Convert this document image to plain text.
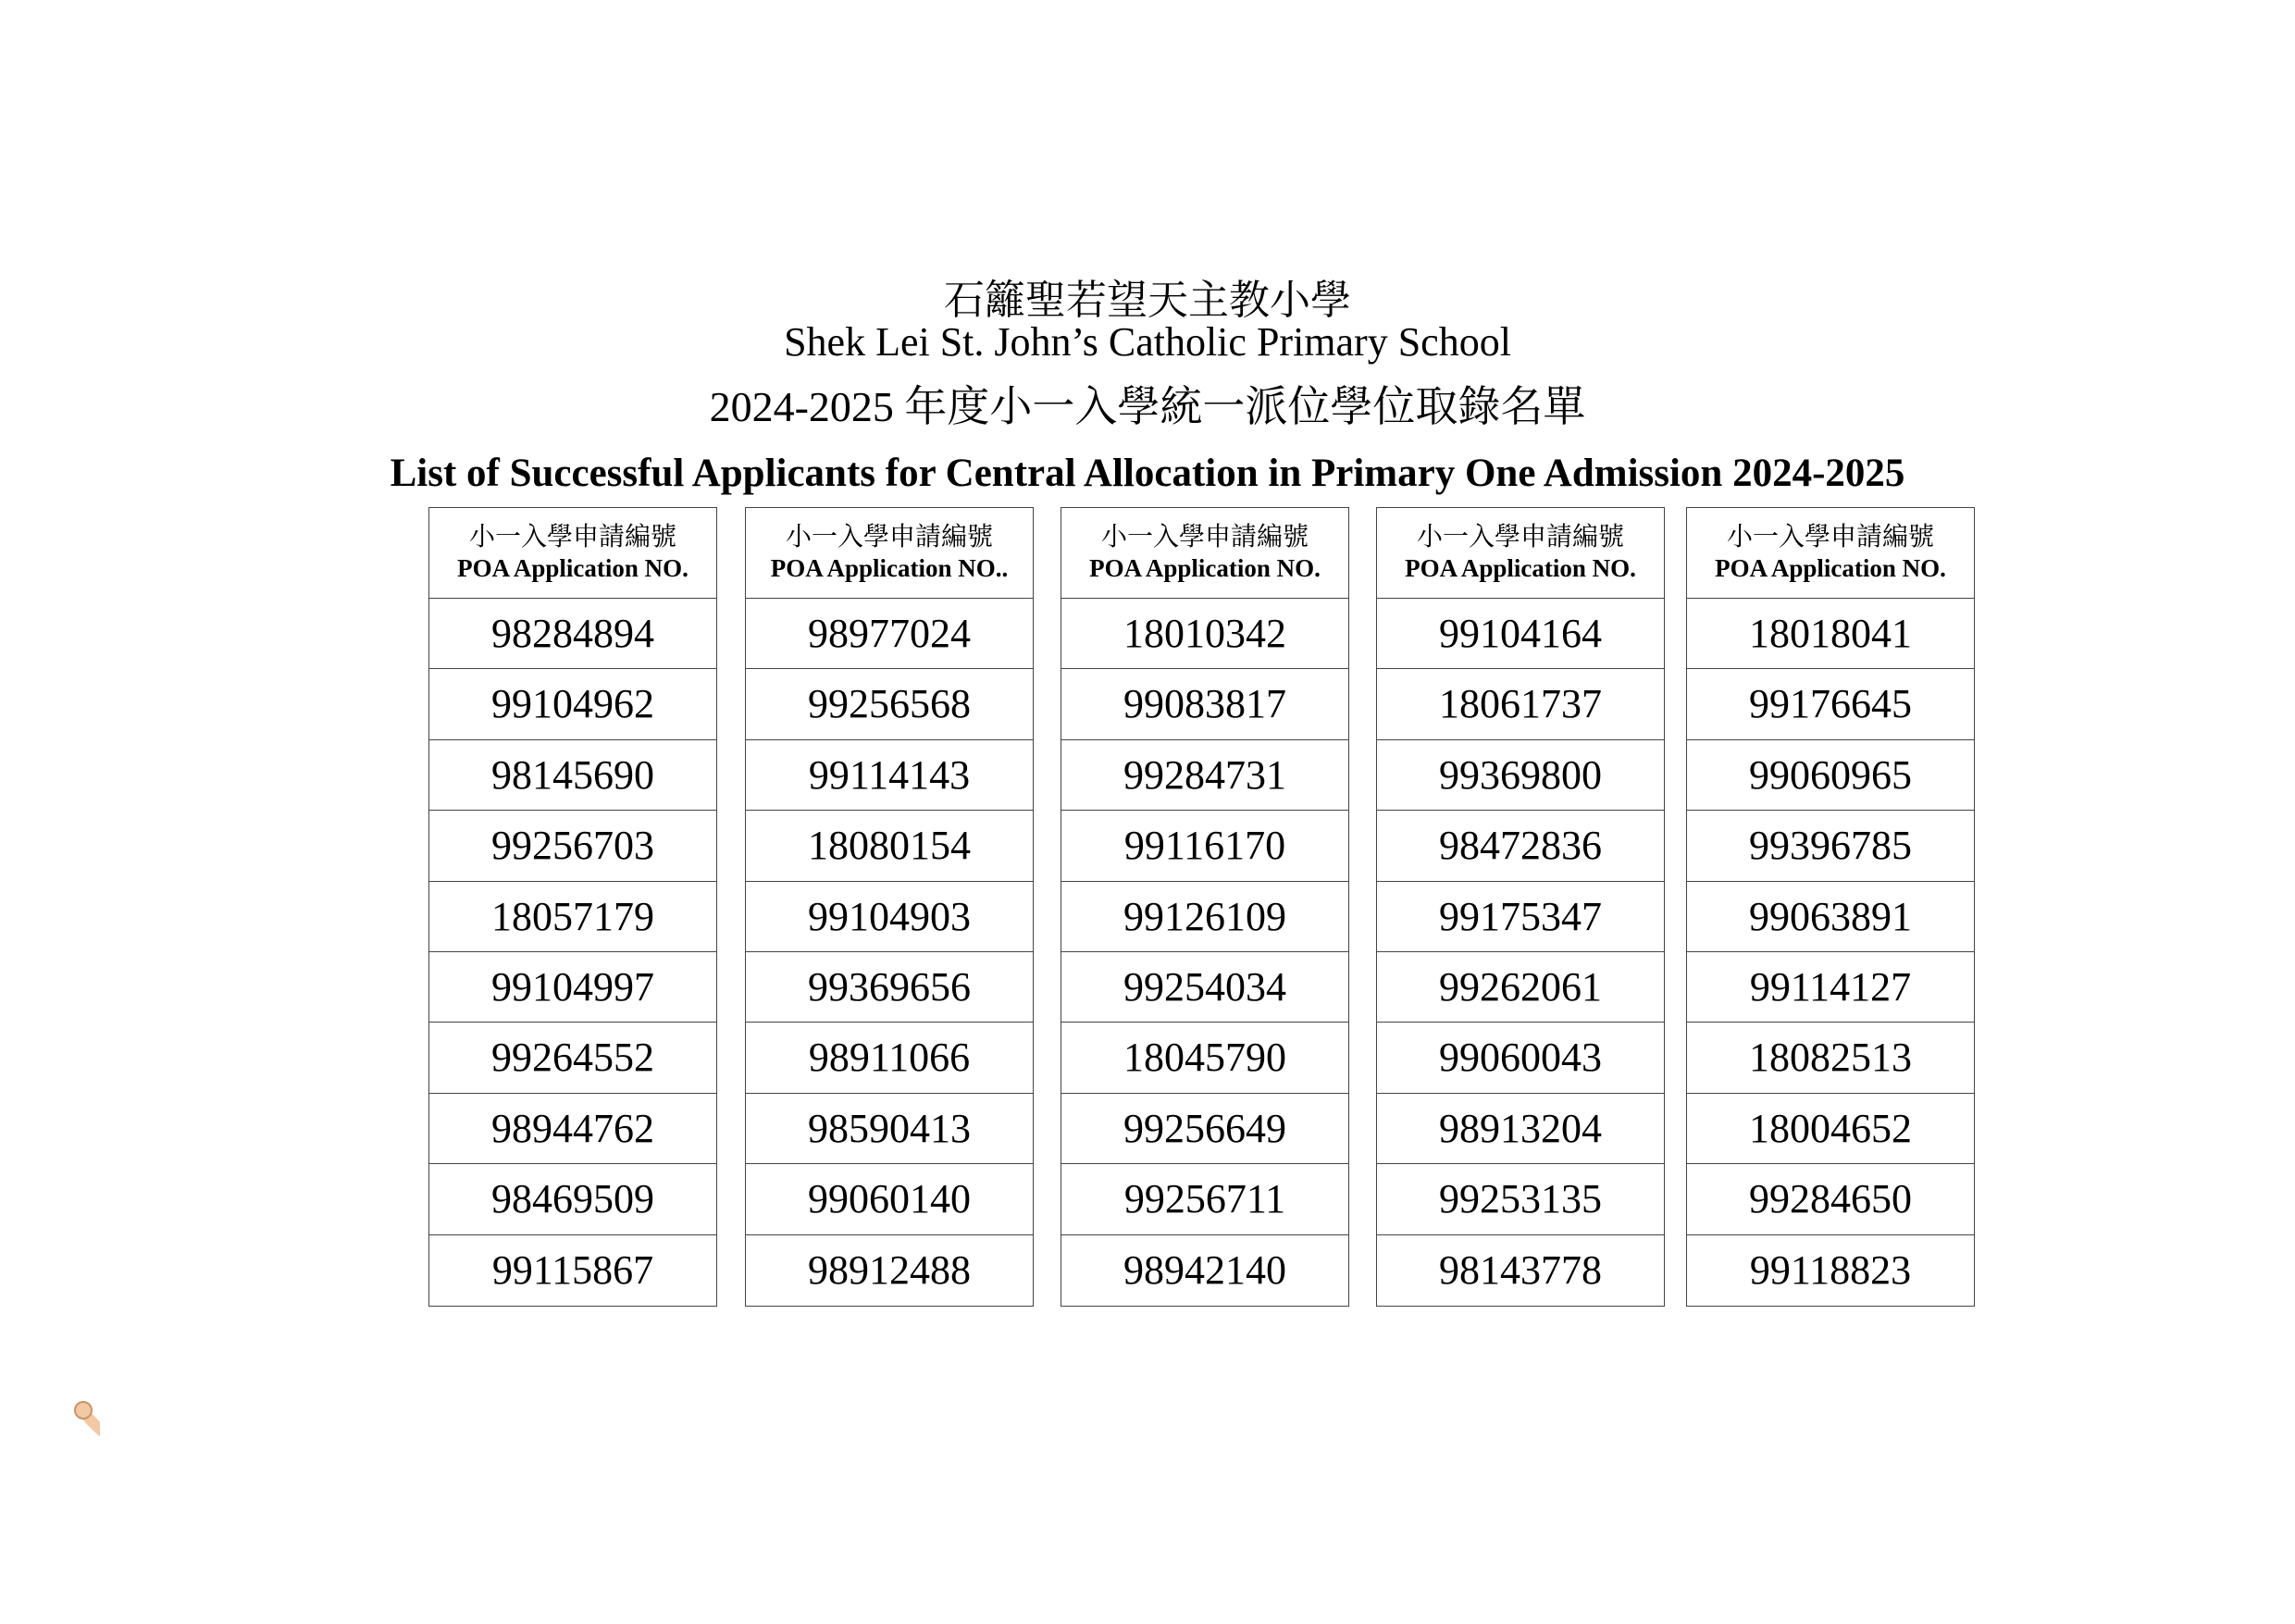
石籬聖若望天主教小學
Shek Lei St. John’s Catholic Primary School
2024-2025 年度小一入學統一派位學位取錄名單
List of Successful Applicants for Central Allocation in Primary One Admission 2024-2025
小一入學申請編號
POA Application NO.
98284894
99104962
98145690
99256703
18057179
99104997
99264552
98944762
98469509
99115867
小一入學申請編號
POA Application NO..
98977024
99256568
99114143
18080154
99104903
99369656
98911066
98590413
99060140
98912488
小一入學申請編號
POA Application NO.
18010342
99083817
99284731
99116170
99126109
99254034
18045790
99256649
99256711
98942140
小一入學申請編號
POA Application NO.
99104164
18061737
99369800
98472836
99175347
99262061
99060043
98913204
99253135
98143778
小一入學申請編號
POA Application NO.
18018041
99176645
99060965
99396785
99063891
99114127
18082513
18004652
99284650
99118823
